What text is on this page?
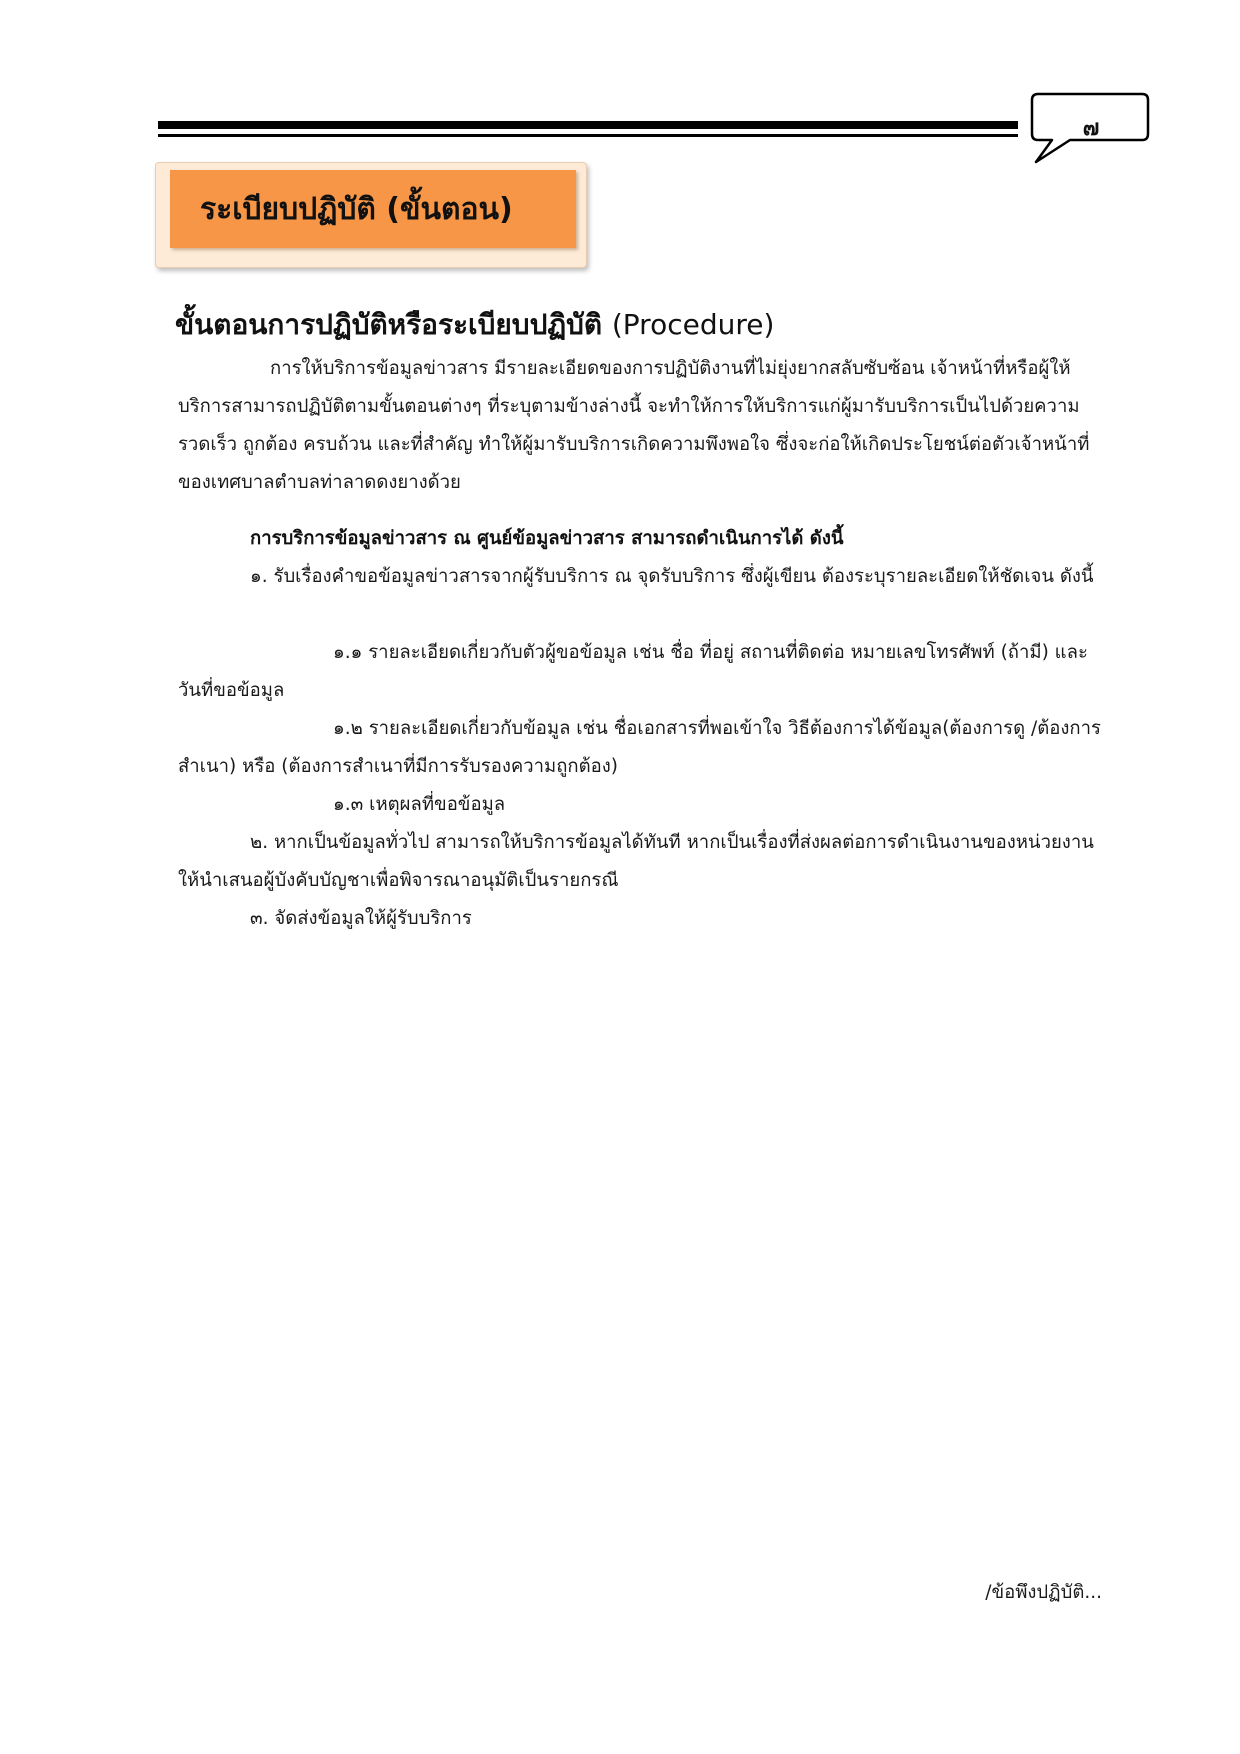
๗
ระเบียบปฏิบัติ (ขั้นตอน)
ขั้นตอนการปฏิบัติหรือระเบียบปฏิบัติ (Procedure)
การให้บริการข้อมูลข่าวสาร มีรายละเอียดของการปฏิบัติงานที่ไม่ยุ่งยากสลับซับซ้อน เจ้าหน้าที่หรือผู้ให้บริการสามารถปฏิบัติตามขั้นตอนต่างๆ ที่ระบุตามข้างล่างนี้ จะทำให้การให้บริการแก่ผู้มารับบริการเป็นไปด้วยความรวดเร็ว ถูกต้อง ครบถ้วน และที่สำคัญ ทำให้ผู้มารับบริการเกิดความพึงพอใจ ซึ่งจะก่อให้เกิดประโยชน์ต่อตัวเจ้าหน้าที่ ของเทศบาลตำบลท่าลาดดงยางด้วย
การบริการข้อมูลข่าวสาร ณ ศูนย์ข้อมูลข่าวสาร สามารถดำเนินการได้ ดังนี้
๑. รับเรื่องคำขอข้อมูลข่าวสารจากผู้รับบริการ ณ จุดรับบริการ ซึ่งผู้เขียน ต้องระบุรายละเอียดให้ชัดเจน ดังนี้
๑.๑ รายละเอียดเกี่ยวกับตัวผู้ขอข้อมูล เช่น ชื่อ ที่อยู่ สถานที่ติดต่อ หมายเลขโทรศัพท์ (ถ้ามี) และวันที่ขอข้อมูล
๑.๒ รายละเอียดเกี่ยวกับข้อมูล เช่น ชื่อเอกสารที่พอเข้าใจ วิธีต้องการได้ข้อมูล(ต้องการดู /ต้องการสำเนา) หรือ (ต้องการสำเนาที่มีการรับรองความถูกต้อง)
๑.๓ เหตุผลที่ขอข้อมูล
๒. หากเป็นข้อมูลทั่วไป สามารถให้บริการข้อมูลได้ทันที หากเป็นเรื่องที่ส่งผลต่อการดำเนินงานของหน่วยงาน ให้นำเสนอผู้บังคับบัญชาเพื่อพิจารณาอนุมัติเป็นรายกรณี
๓. จัดส่งข้อมูลให้ผู้รับบริการ
/ข้อพึงปฏิบัติ...
